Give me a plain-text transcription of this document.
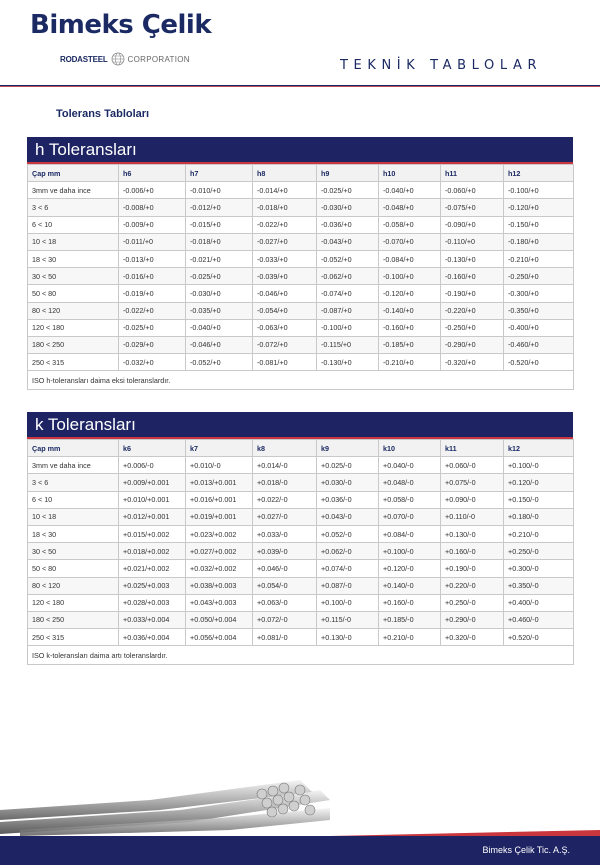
Bimeks Çelik
RODASTEEL	CORPORATION	TEKNİK TABLOLAR
Tolerans Tabloları
h Toleransları
Çap mm	h6	h7	h8	h9	h10	h11	h12
3mm ve daha ince	-0.006/+0	-0.010/+0	-0.014/+0	-0.025/+0	-0.040/+0	-0.060/+0	-0.100/+0
3 < 6	-0.008/+0	-0.012/+0	-0.018/+0	-0.030/+0	-0.048/+0	-0.075/+0	-0.120/+0
6 < 10	-0.009/+0	-0.015/+0	-0.022/+0	-0.036/+0	-0.058/+0	-0.090/+0	-0.150/+0
10 < 18	-0.011/+0	-0.018/+0	-0.027/+0	-0.043/+0	-0.070/+0	-0.110/+0	-0.180/+0
18 < 30	-0.013/+0	-0.021/+0	-0.033/+0	-0.052/+0	-0.084/+0	-0.130/+0	-0.210/+0
30 < 50	-0.016/+0	-0.025/+0	-0.039/+0	-0.062/+0	-0.100/+0	-0.160/+0	-0.250/+0
50 < 80	-0.019/+0	-0.030/+0	-0.046/+0	-0.074/+0	-0.120/+0	-0.190/+0	-0.300/+0
80 < 120	-0.022/+0	-0.035/+0	-0.054/+0	-0.087/+0	-0.140/+0	-0.220/+0	-0.350/+0
120 < 180	-0.025/+0	-0.040/+0	-0.063/+0	-0.100/+0	-0.160/+0	-0.250/+0	-0.400/+0
180 < 250	-0.029/+0	-0.046/+0	-0.072/+0	-0.115/+0	-0.185/+0	-0.290/+0	-0.460/+0
250 < 315	-0.032/+0	-0.052/+0	-0.081/+0	-0.130/+0	-0.210/+0	-0.320/+0	-0.520/+0
ISO h-toleransları daima eksi toleranslardır.							
k Toleransları
Çap mm	k6	k7	k8	k9	k10	k11	k12
3mm ve daha ince	+0.006/-0	+0.010/-0	+0.014/-0	+0.025/-0	+0.040/-0	+0.060/-0	+0.100/-0
3 < 6	+0.009/+0.001	+0.013/+0.001	+0.018/-0	+0.030/-0	+0.048/-0	+0.075/-0	+0.120/-0
6 < 10	+0.010/+0.001	+0.016/+0.001	+0.022/-0	+0.036/-0	+0.058/-0	+0.090/-0	+0.150/-0
10 < 18	+0.012/+0.001	+0.019/+0.001	+0.027/-0	+0.043/-0	+0.070/-0	+0.110/-0	+0.180/-0
18 < 30	+0.015/+0.002	+0.023/+0.002	+0.033/-0	+0.052/-0	+0.084/-0	+0.130/-0	+0.210/-0
30 < 50	+0.018/+0.002	+0.027/+0.002	+0.039/-0	+0.062/-0	+0.100/-0	+0.160/-0	+0.250/-0
50 < 80	+0.021/+0.002	+0.032/+0.002	+0.046/-0	+0.074/-0	+0.120/-0	+0.190/-0	+0.300/-0
80 < 120	+0.025/+0.003	+0.038/+0.003	+0.054/-0	+0.087/-0	+0.140/-0	+0.220/-0	+0.350/-0
120 < 180	+0.028/+0.003	+0.043/+0.003	+0.063/-0	+0.100/-0	+0.160/-0	+0.250/-0	+0.400/-0
180 < 250	+0.033/+0.004	+0.050/+0.004	+0.072/-0	+0.115/-0	+0.185/-0	+0.290/-0	+0.460/-0
250 < 315	+0.036/+0.004	+0.056/+0.004	+0.081/-0	+0.130/-0	+0.210/-0	+0.320/-0	+0.520/-0
ISO k-toleransları daima artı toleranslardır.							
Bimeks Çelik Tic. A.Ş.
